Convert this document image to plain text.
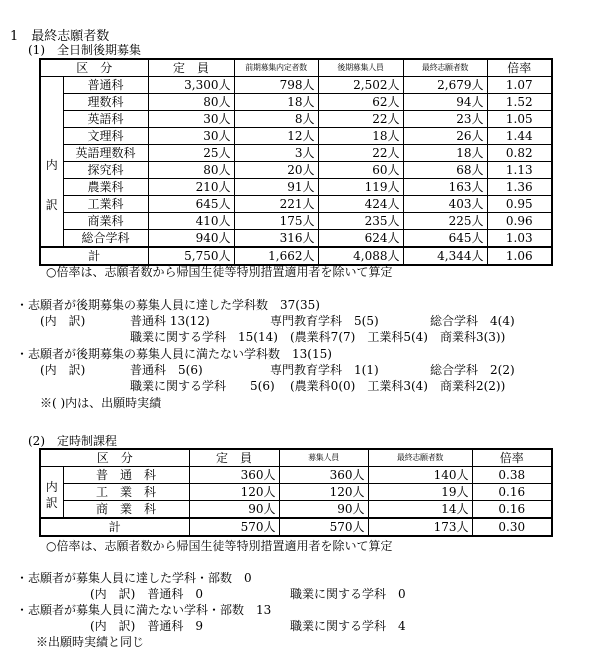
1　最終志願者数
(1)　全日制後期募集
区　分		定　員	前期募集内定者数	後期募集人員	最終志願者数	倍率

内
訳	普通科	3,300人	798人	2,502人	2,679人	1.07
	理数科	80人	18人	62人	94人	1.52
	英語科	30人	8人	22人	23人	1.05
	文理科	30人	12人	18人	26人	1.44
	英語理数科	25人	3人	22人	18人	0.82
	探究科	80人	20人	60人	68人	1.13
	農業科	210人	91人	119人	163人	1.36
	工業科	645人	221人	424人	403人	0.95
	商業科	410人	175人	235人	225人	0.96
	総合学科	940人	316人	624人	645人	1.03
計		5,750人	1,662人	4,088人	4,344人	1.06
○倍率は、志願者数から帰国生徒等特別措置適用者を除いて算定
・志願者が後期募集の募集人員に達した学科数　37(35)
(内　訳)	普通科 13(12)	専門教育学科　5(5)	総合学科　4(4)
職業に関する学科　15(14) (農業科7(7)　工業科5(4)　商業科3(3))
・志願者が後期募集の募集人員に満たない学科数　13(15)
(内　訳)	普通科　5(6)	専門教育学科　1(1)	総合学科　2(2)
職業に関する学科　　5(6) (農業科0(0)　工業科3(4)　商業科2(2))
※( )内は、出願時実績
(2)　定時制課程
区　分		定　員	募集人員	最終志願者数	倍率

内
訳	普　通　科	360人	360人	140人	0.38
	工　業　科	120人	120人	19人	0.16
	商　業　科	90人	90人	14人	0.16
計		570人	570人	173人	0.30
○倍率は、志願者数から帰国生徒等特別措置適用者を除いて算定
・志願者が募集人員に達した学科・部数　0
(内　訳)　普通科　0	職業に関する学科　0
・志願者が募集人員に満たない学科・部数　13
(内　訳)　普通科　9	職業に関する学科　4
※出願時実績と同じ
